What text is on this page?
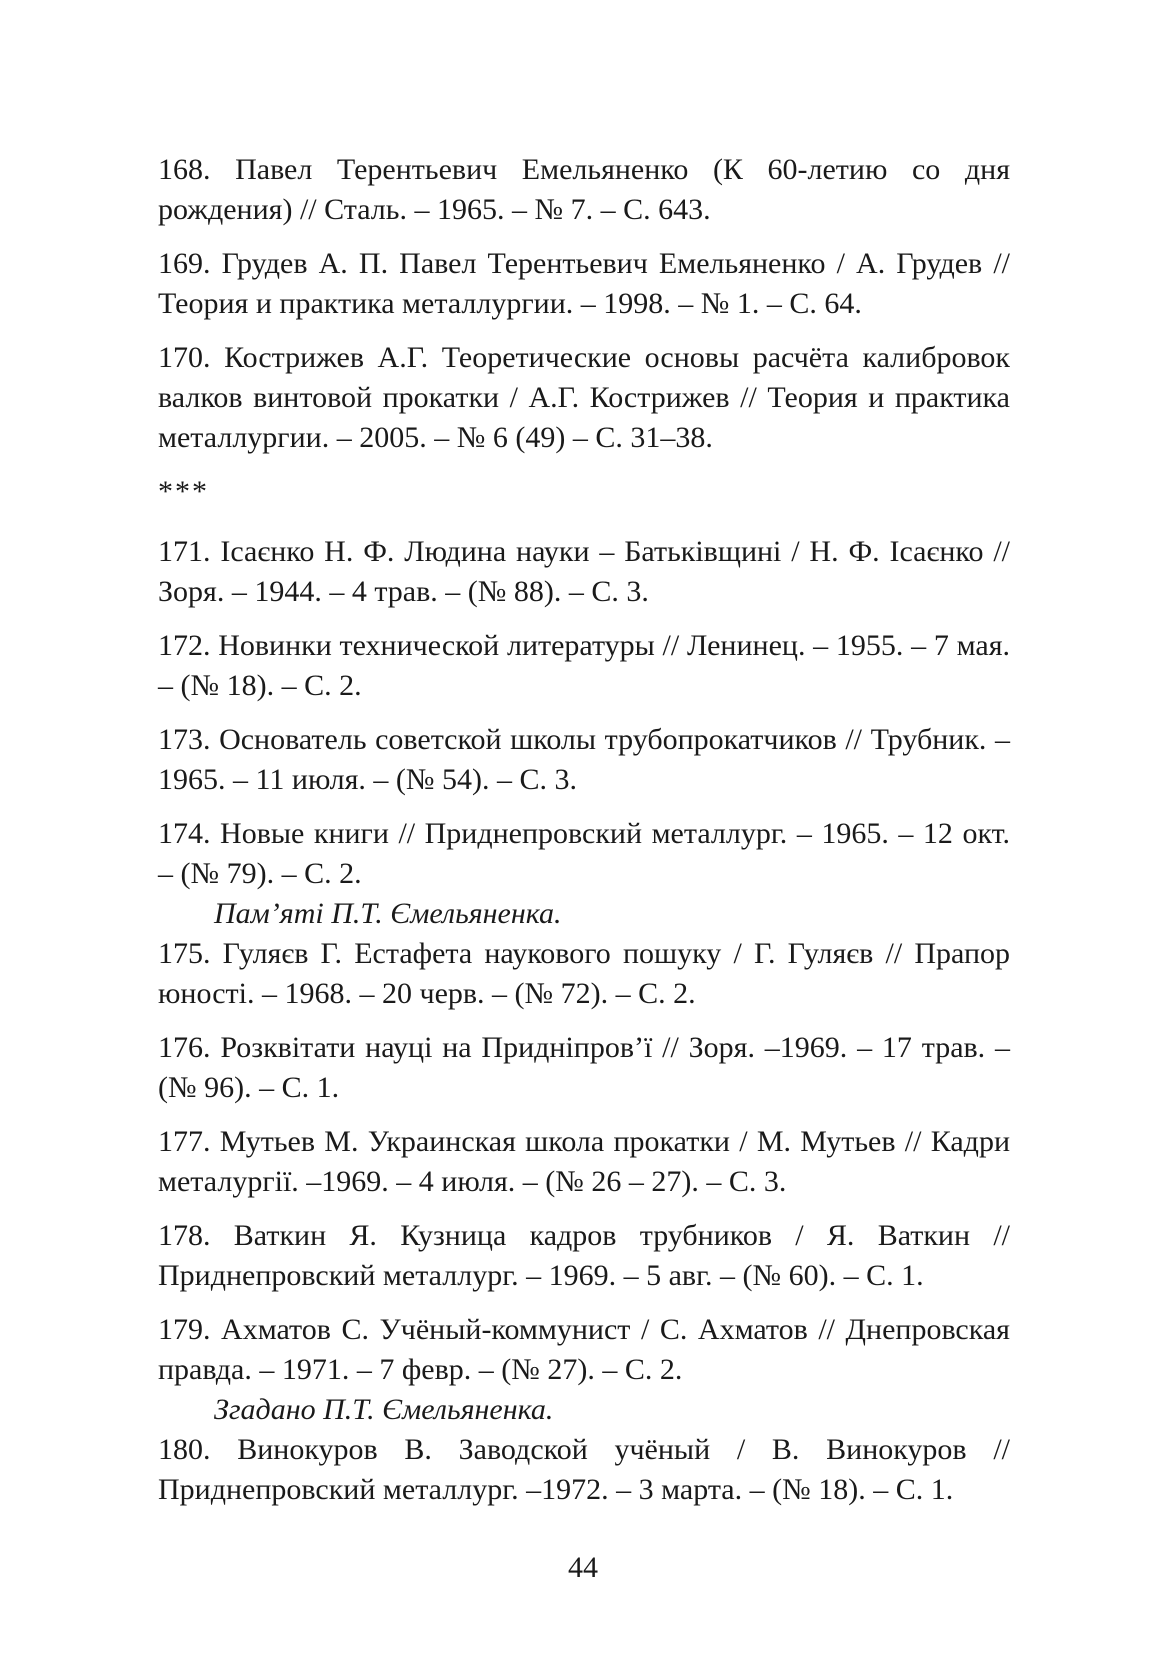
168. Павел Терентьевич Емельяненко (К 60-летию со дня рождения) // Сталь. – 1965. – № 7. – С. 643.

169. Грудев А. П. Павел Терентьевич Емельяненко / А. Грудев // Теория и практика металлургии. – 1998. – № 1. – С. 64.

170. Кострижев А.Г. Теоретические основы расчёта калибровок валков винтовой прокатки / А.Г. Кострижев // Теория и практика металлургии. – 2005. – № 6 (49) – С. 31–38.

***

171. Ісаєнко Н. Ф. Людина науки – Батьківщині / Н. Ф. Ісаєнко // Зоря. – 1944. – 4 трав. – (№ 88). – С. 3.

172. Новинки технической литературы // Ленинец. – 1955. – 7 мая. – (№ 18). – С. 2.

173. Основатель советской школы трубопрокатчиков // Трубник. – 1965. – 11 июля. – (№ 54). – С. 3.

174. Новые книги // Приднепровский металлург. – 1965. – 12 окт. – (№ 79). – С. 2.

Пам’яті П.Т. Ємельяненка.

175. Гуляєв Г. Естафета наукового пошуку / Г. Гуляєв // Прапор юності. – 1968. – 20 черв. – (№ 72). – С. 2.

176. Розквітати науці на Придніпров’ї // Зоря. –1969. – 17 трав. – (№ 96). – С. 1.

177. Мутьев М. Украинская школа прокатки / М. Мутьев // Кадри металургії. –1969. – 4 июля. – (№ 26 – 27). – С. 3.

178. Ваткин Я. Кузница кадров трубников / Я. Ваткин // Приднепровский металлург. – 1969. – 5 авг. – (№ 60). – С. 1.

179. Ахматов С. Учёный-коммунист / С. Ахматов // Днепровская правда. – 1971. – 7 февр. – (№ 27). – С. 2.

Згадано П.Т. Ємельяненка.

180. Винокуров В. Заводской учёный / В. Винокуров // Приднепровский металлург. –1972. – 3 марта. – (№ 18). – С. 1.

44
